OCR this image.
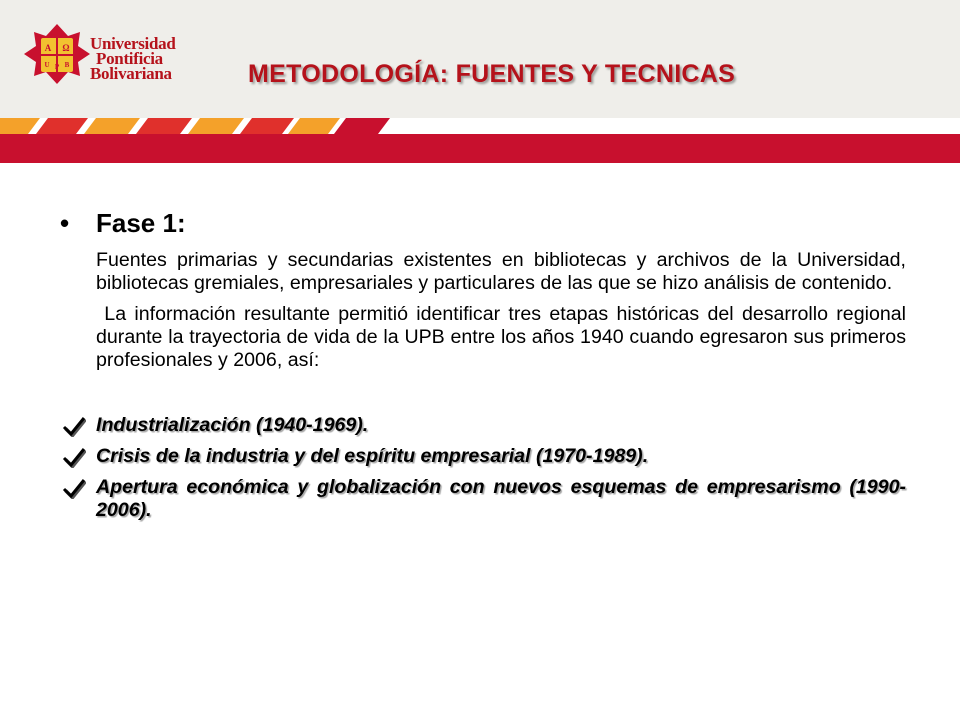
A Ω
U P B
Universidad
Pontificia
Bolivariana	METODOLOGÍA: FUENTES Y TECNICAS
• Fase 1:
Fuentes primarias y secundarias existentes en bibliotecas y archivos de la Universidad, bibliotecas gremiales, empresariales y particulares de las que se hizo análisis de contenido.
La información resultante permitió identificar tres etapas históricas del desarrollo regional durante la trayectoria de vida de la UPB entre los años 1940 cuando egresaron sus primeros profesionales y 2006, así:
Industrialización (1940-1969).
Crisis de la industria y del espíritu empresarial (1970-1989).
Apertura económica y globalización con nuevos esquemas de empresarismo (1990-2006).
